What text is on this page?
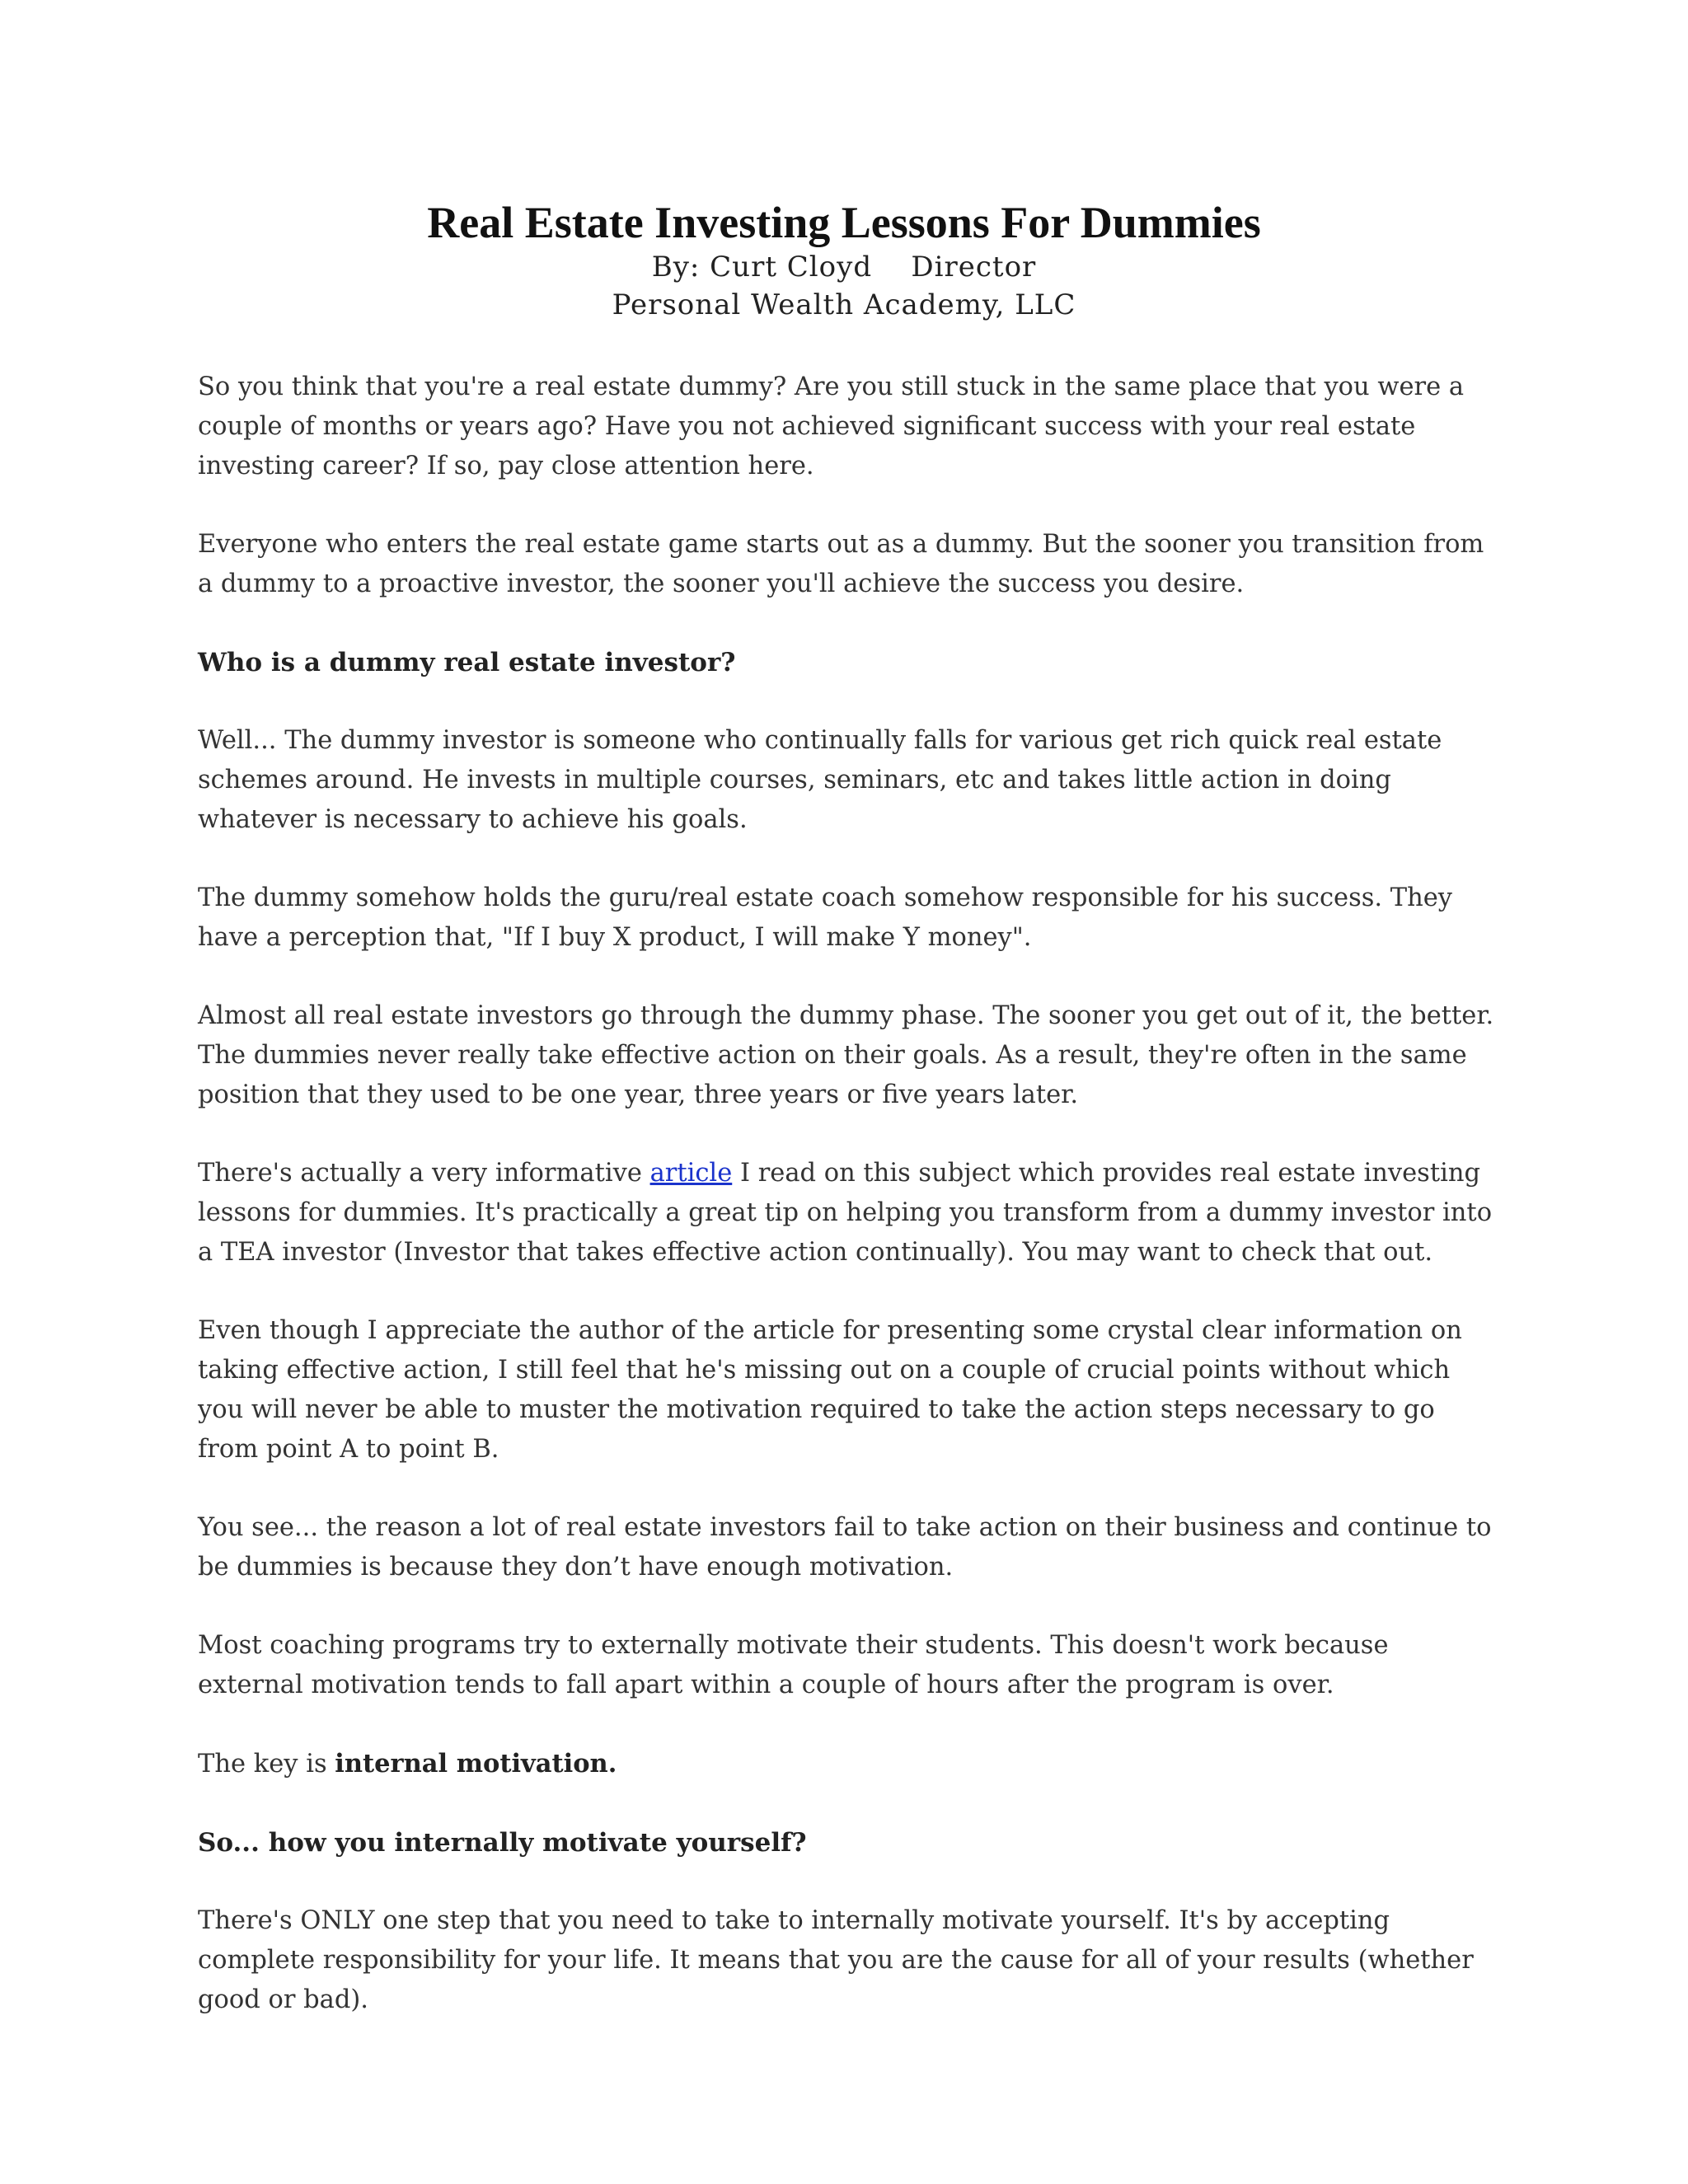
Real Estate Investing Lessons For Dummies
By: Curt Cloyd    Director
Personal Wealth Academy, LLC

So you think that you're a real estate dummy? Are you still stuck in the same place that you were a couple of months or years ago? Have you not achieved significant success with your real estate investing career? If so, pay close attention here.

Everyone who enters the real estate game starts out as a dummy. But the sooner you transition from a dummy to a proactive investor, the sooner you'll achieve the success you desire.

Who is a dummy real estate investor?

Well... The dummy investor is someone who continually falls for various get rich quick real estate schemes around. He invests in multiple courses, seminars, etc and takes little action in doing whatever is necessary to achieve his goals.

The dummy somehow holds the guru/real estate coach somehow responsible for his success. They have a perception that, "If I buy X product, I will make Y money".

Almost all real estate investors go through the dummy phase. The sooner you get out of it, the better. The dummies never really take effective action on their goals. As a result, they're often in the same position that they used to be one year, three years or five years later.

There's actually a very informative article I read on this subject which provides real estate investing lessons for dummies. It's practically a great tip on helping you transform from a dummy investor into a TEA investor (Investor that takes effective action continually). You may want to check that out.

Even though I appreciate the author of the article for presenting some crystal clear information on taking effective action, I still feel that he's missing out on a couple of crucial points without which you will never be able to muster the motivation required to take the action steps necessary to go from point A to point B.

You see... the reason a lot of real estate investors fail to take action on their business and continue to be dummies is because they don’t have enough motivation.

Most coaching programs try to externally motivate their students. This doesn't work because external motivation tends to fall apart within a couple of hours after the program is over.

The key is internal motivation.

So... how you internally motivate yourself?

There's ONLY one step that you need to take to internally motivate yourself. It's by accepting complete responsibility for your life. It means that you are the cause for all of your results (whether good or bad).
